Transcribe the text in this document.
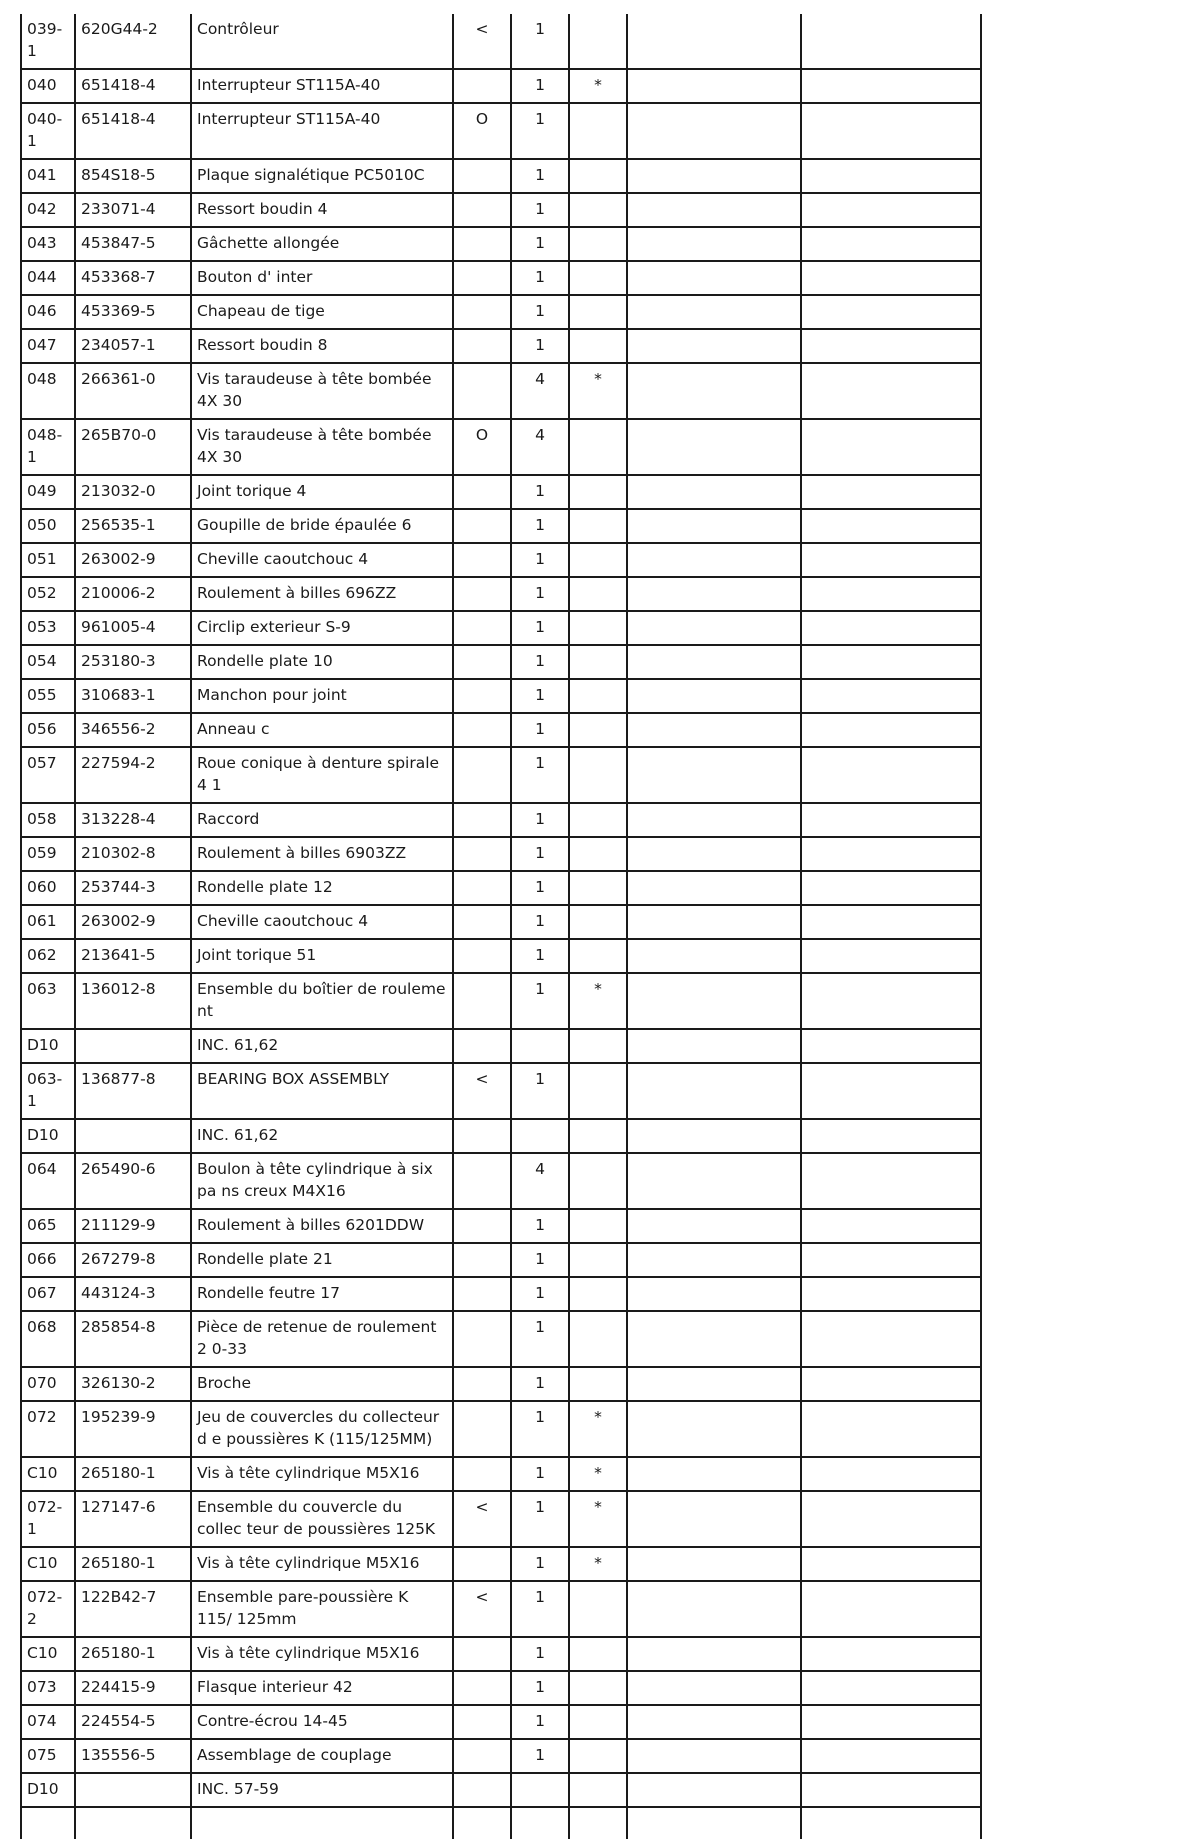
039-1	620G44-2	Contrôleur	<	1			
040	651418-4	Interrupteur ST115A-40		1	*		
040-1	651418-4	Interrupteur ST115A-40	O	1			
041	854S18-5	Plaque signalétique PC5010C		1			
042	233071-4	Ressort boudin 4		1			
043	453847-5	Gâchette allongée		1			
044	453368-7	Bouton d' inter		1			
046	453369-5	Chapeau de tige		1			
047	234057-1	Ressort boudin 8		1			
048	266361-0	Vis taraudeuse à tête bombée 4X 30		4	*		
048-1	265B70-0	Vis taraudeuse à tête bombée 4X 30	O	4			
049	213032-0	Joint torique 4		1			
050	256535-1	Goupille de bride épaulée 6		1			
051	263002-9	Cheville caoutchouc 4		1			
052	210006-2	Roulement à billes 696ZZ		1			
053	961005-4	Circlip exterieur S-9		1			
054	253180-3	Rondelle plate 10		1			
055	310683-1	Manchon pour joint		1			
056	346556-2	Anneau c		1			
057	227594-2	Roue conique à denture spirale 4 1		1			
058	313228-4	Raccord		1			
059	210302-8	Roulement à billes 6903ZZ		1			
060	253744-3	Rondelle plate 12		1			
061	263002-9	Cheville caoutchouc 4		1			
062	213641-5	Joint torique 51		1			
063	136012-8	Ensemble du boîtier de rouleme nt		1	*		
D10		INC. 61,62					
063-1	136877-8	BEARING BOX ASSEMBLY	<	1			
D10		INC. 61,62					
064	265490-6	Boulon à tête cylindrique à six pa ns creux M4X16		4			
065	211129-9	Roulement à billes 6201DDW		1			
066	267279-8	Rondelle plate 21		1			
067	443124-3	Rondelle feutre 17		1			
068	285854-8	Pièce de retenue de roulement 2 0-33		1			
070	326130-2	Broche		1			
072	195239-9	Jeu de couvercles du collecteur d e poussières K (115/125MM)		1	*		
C10	265180-1	Vis à tête cylindrique M5X16		1	*		
072-1	127147-6	Ensemble du couvercle du collec teur de poussières 125K	<	1	*		
C10	265180-1	Vis à tête cylindrique M5X16		1	*		
072-2	122B42-7	Ensemble pare-poussière K 115/ 125mm	<	1			
C10	265180-1	Vis à tête cylindrique M5X16		1			
073	224415-9	Flasque interieur 42		1			
074	224554-5	Contre-écrou 14-45		1			
075	135556-5	Assemblage de couplage		1			
D10		INC. 57-59					
